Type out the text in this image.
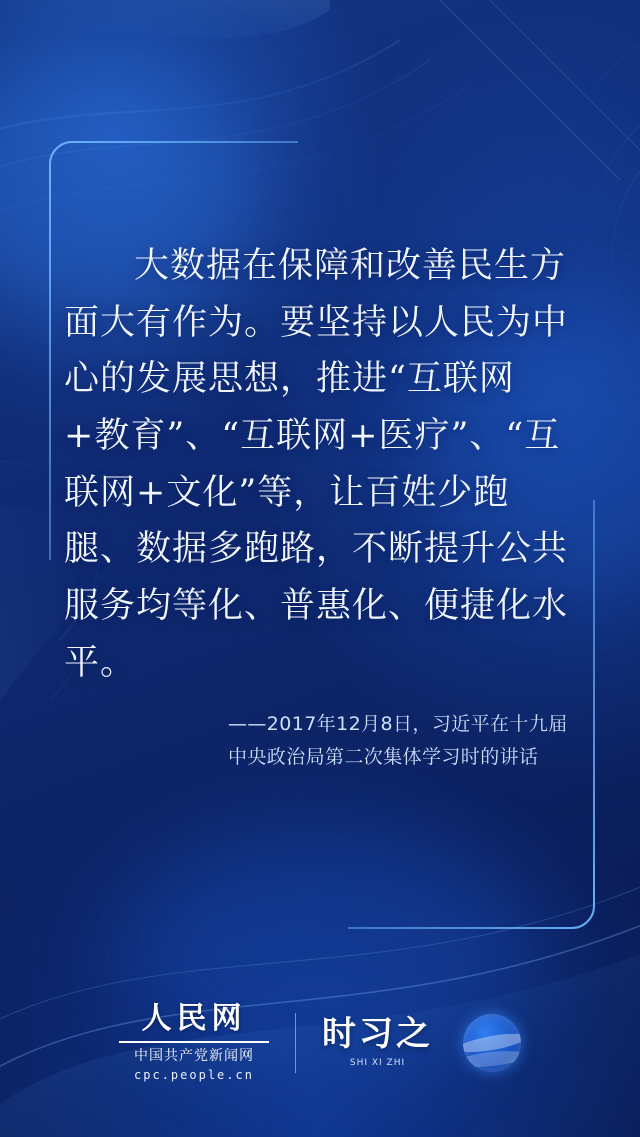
大数据在保障和改善民生方面大有作为。要坚持以人民为中心的发展思想，推进“互联网+教育”、“互联网+医疗”、“互联网+文化”等，让百姓少跑腿、数据多跑路，不断提升公共服务均等化、普惠化、便捷化水平。
——2017年12月8日，习近平在十九届
中央政治局第二次集体学习时的讲话
人民网
中国共产党新闻网
cpc.people.cn
时习之
SHI XI ZHI
